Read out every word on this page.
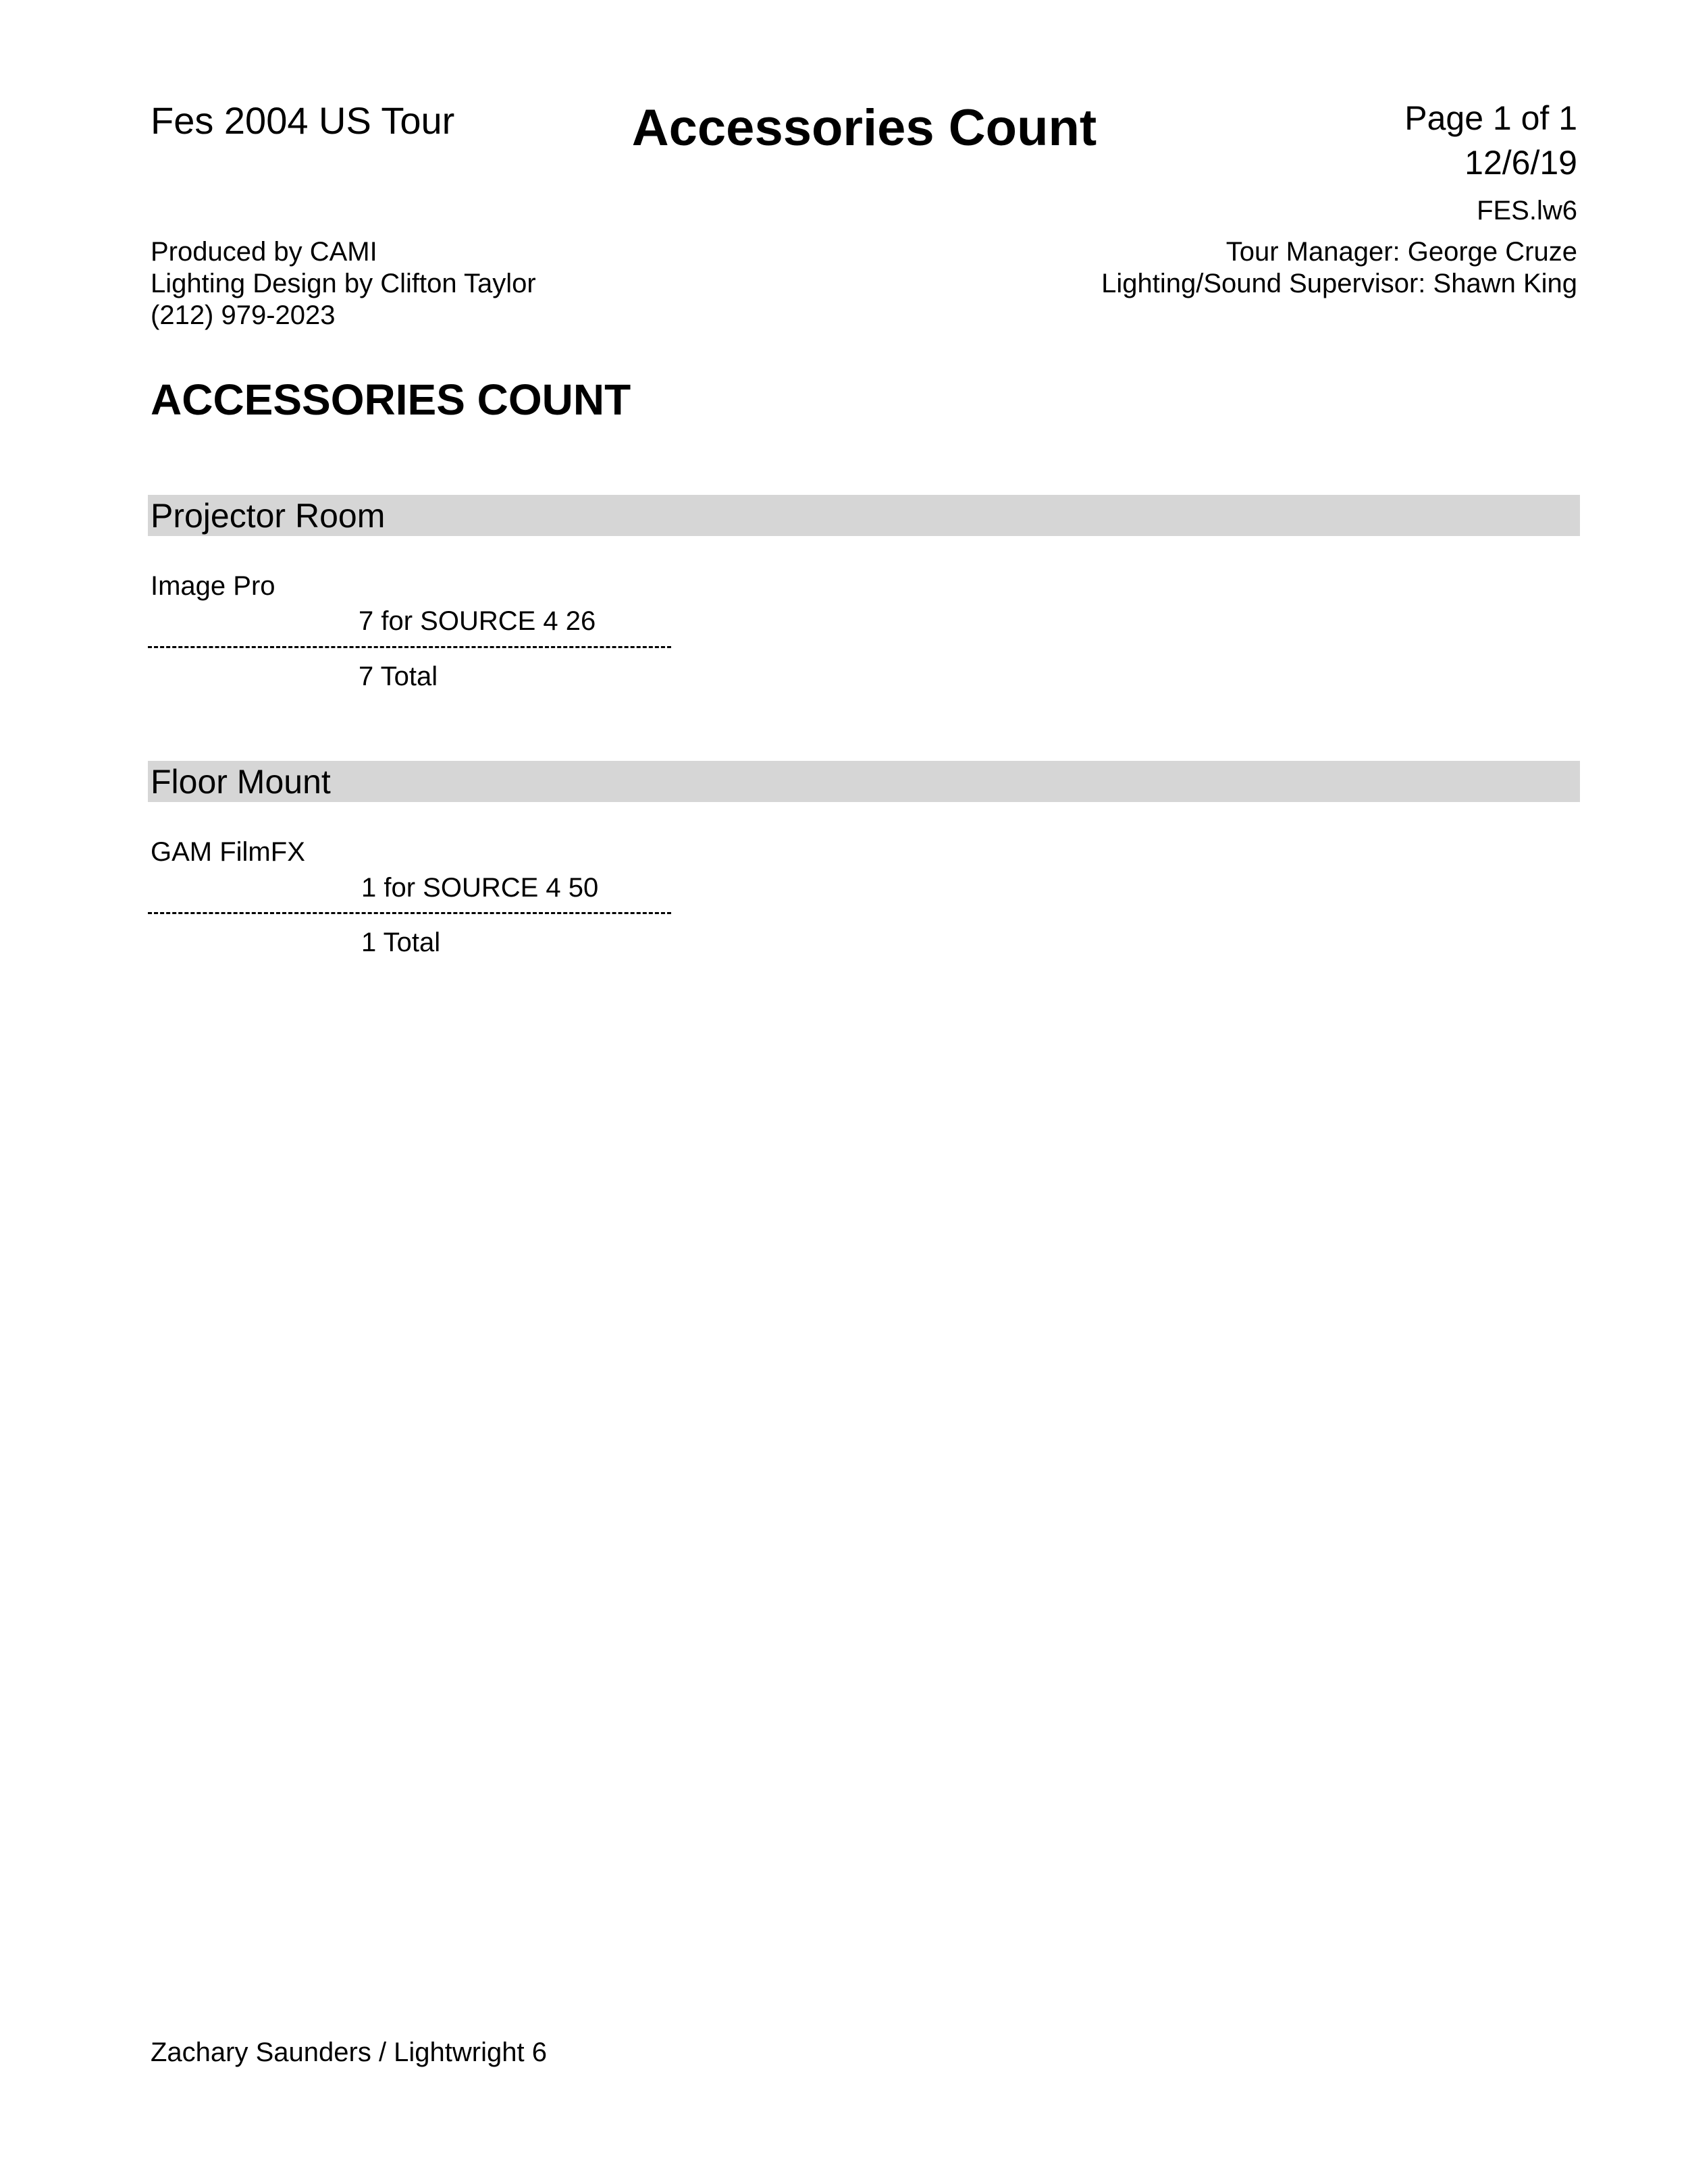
Fes 2004 US Tour	Accessories Count	Page 1 of 1
12/6/19
FES.lw6
Produced by CAMI
Lighting Design by Clifton Taylor
(212) 979-2023
Tour Manager: George Cruze
Lighting/Sound Supervisor: Shawn King
ACCESSORIES COUNT
Projector Room
Image Pro
7 for SOURCE 4 26
7 Total
Floor Mount
GAM FilmFX
1 for SOURCE 4 50
1 Total
Zachary Saunders / Lightwright 6
